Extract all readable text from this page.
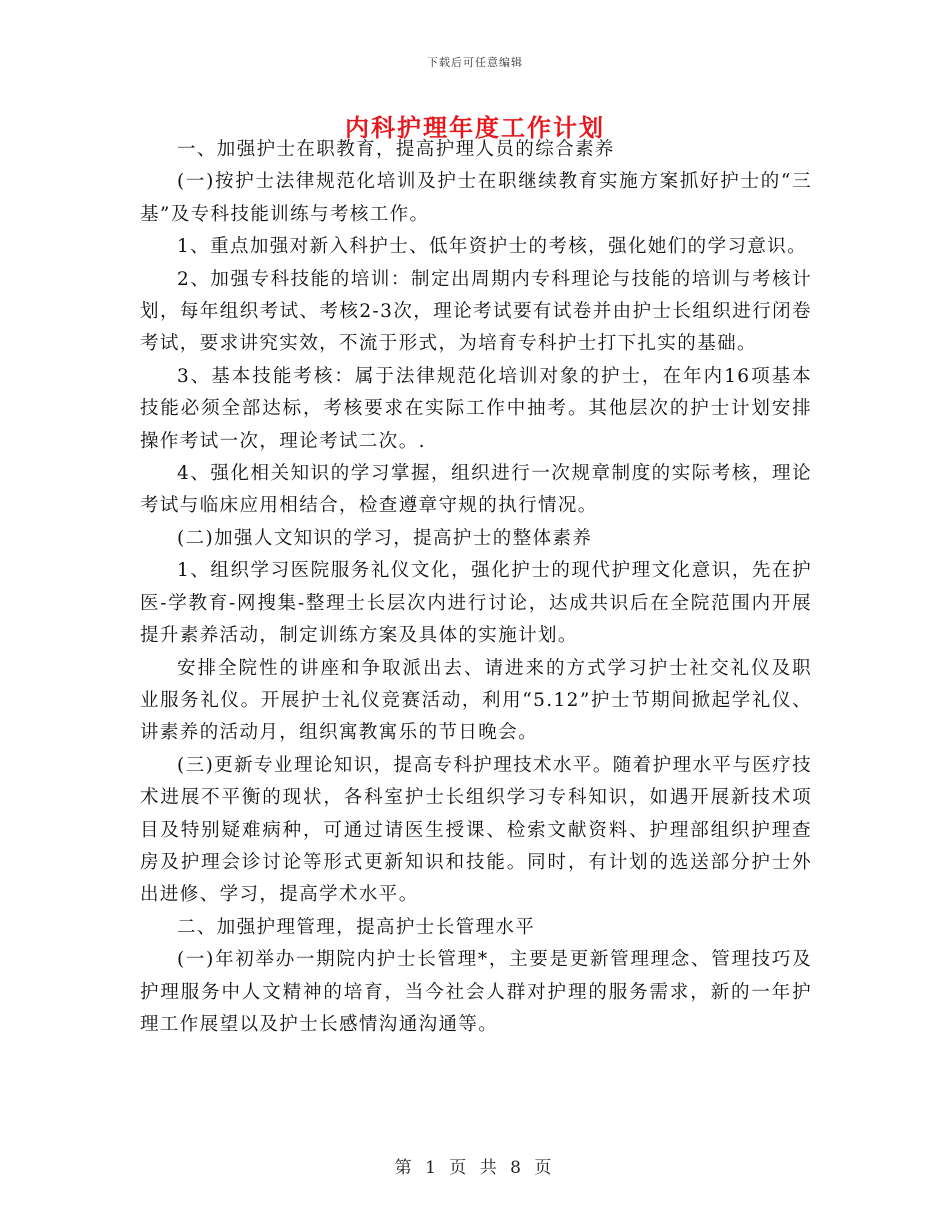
下载后可任意编辑
内科护理年度工作计划

一、加强护士在职教育，提高护理人员的综合素养

(一)按护士法律规范化培训及护士在职继续教育实施方案抓好护士的“三基”及专科技能训练与考核工作。

1、重点加强对新入科护士、低年资护士的考核，强化她们的学习意识。

2、加强专科技能的培训：制定出周期内专科理论与技能的培训与考核计划，每年组织考试、考核2-3次，理论考试要有试卷并由护士长组织进行闭卷考试，要求讲究实效，不流于形式，为培育专科护士打下扎实的基础。

3、基本技能考核：属于法律规范化培训对象的护士，在年内16项基本技能必须全部达标，考核要求在实际工作中抽考。其他层次的护士计划安排操作考试一次，理论考试二次。.

4、强化相关知识的学习掌握，组织进行一次规章制度的实际考核，理论考试与临床应用相结合，检查遵章守规的执行情况。

(二)加强人文知识的学习，提高护士的整体素养

1、组织学习医院服务礼仪文化，强化护士的现代护理文化意识，先在护医-学教育-网搜集-整理士长层次内进行讨论，达成共识后在全院范围内开展提升素养活动，制定训练方案及具体的实施计划。

安排全院性的讲座和争取派出去、请进来的方式学习护士社交礼仪及职业服务礼仪。开展护士礼仪竞赛活动，利用“5.12”护士节期间掀起学礼仪、讲素养的活动月，组织寓教寓乐的节日晚会。

(三)更新专业理论知识，提高专科护理技术水平。随着护理水平与医疗技术进展不平衡的现状，各科室护士长组织学习专科知识，如遇开展新技术项目及特别疑难病种，可通过请医生授课、检索文献资料、护理部组织护理查房及护理会诊讨论等形式更新知识和技能。同时，有计划的选送部分护士外出进修、学习，提高学术水平。

二、加强护理管理，提高护士长管理水平

(一)年初举办一期院内护士长管理*，主要是更新管理理念、管理技巧及护理服务中人文精神的培育，当今社会人群对护理的服务需求，新的一年护理工作展望以及护士长感情沟通沟通等。

第 1 页 共 8 页
